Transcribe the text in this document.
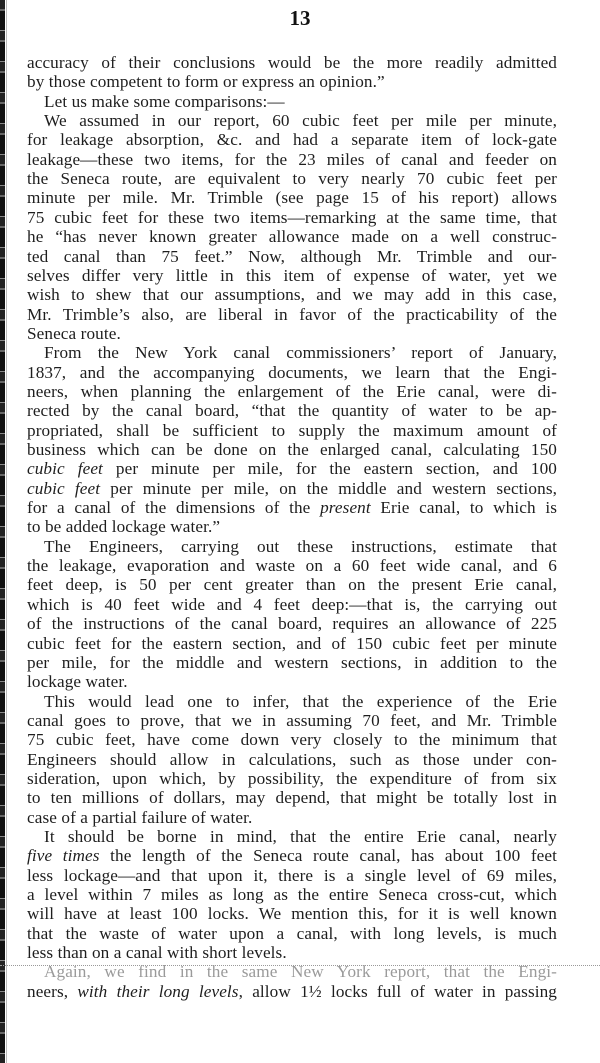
13
accuracy of their conclusions would be the more readily admitted
by those competent to form or express an opinion.”
Let us make some comparisons:—
We assumed in our report, 60 cubic feet per mile per minute,
for leakage absorption, &c. and had a separate item of lock-gate
leakage—these two items, for the 23 miles of canal and feeder on
the Seneca route, are equivalent to very nearly 70 cubic feet per
minute per mile. Mr. Trimble (see page 15 of his report) allows
75 cubic feet for these two items—remarking at the same time, that
he “has never known greater allowance made on a well construc-
ted canal than 75 feet.” Now, although Mr. Trimble and our-
selves differ very little in this item of expense of water, yet we
wish to shew that our assumptions, and we may add in this case,
Mr. Trimble’s also, are liberal in favor of the practicability of the
Seneca route.
From the New York canal commissioners’ report of January,
1837, and the accompanying documents, we learn that the Engi-
neers, when planning the enlargement of the Erie canal, were di-
rected by the canal board, “that the quantity of water to be ap-
propriated, shall be sufficient to supply the maximum amount of
business which can be done on the enlarged canal, calculating 150
cubic feet per minute per mile, for the eastern section, and 100
cubic feet per minute per mile, on the middle and western sections,
for a canal of the dimensions of the present Erie canal, to which is
to be added lockage water.”
The Engineers, carrying out these instructions, estimate that
the leakage, evaporation and waste on a 60 feet wide canal, and 6
feet deep, is 50 per cent greater than on the present Erie canal,
which is 40 feet wide and 4 feet deep:—that is, the carrying out
of the instructions of the canal board, requires an allowance of 225
cubic feet for the eastern section, and of 150 cubic feet per minute
per mile, for the middle and western sections, in addition to the
lockage water.
This would lead one to infer, that the experience of the Erie
canal goes to prove, that we in assuming 70 feet, and Mr. Trimble
75 cubic feet, have come down very closely to the minimum that
Engineers should allow in calculations, such as those under con-
sideration, upon which, by possibility, the expenditure of from six
to ten millions of dollars, may depend, that might be totally lost in
case of a partial failure of water.
It should be borne in mind, that the entire Erie canal, nearly
five times the length of the Seneca route canal, has about 100 feet
less lockage—and that upon it, there is a single level of 69 miles,
a level within 7 miles as long as the entire Seneca cross-cut, which
will have at least 100 locks. We mention this, for it is well known
that the waste of water upon a canal, with long levels, is much
less than on a canal with short levels.
Again, we find in the same New York report, that the Engi-
neers, with their long levels, allow 1½ locks full of water in passing
